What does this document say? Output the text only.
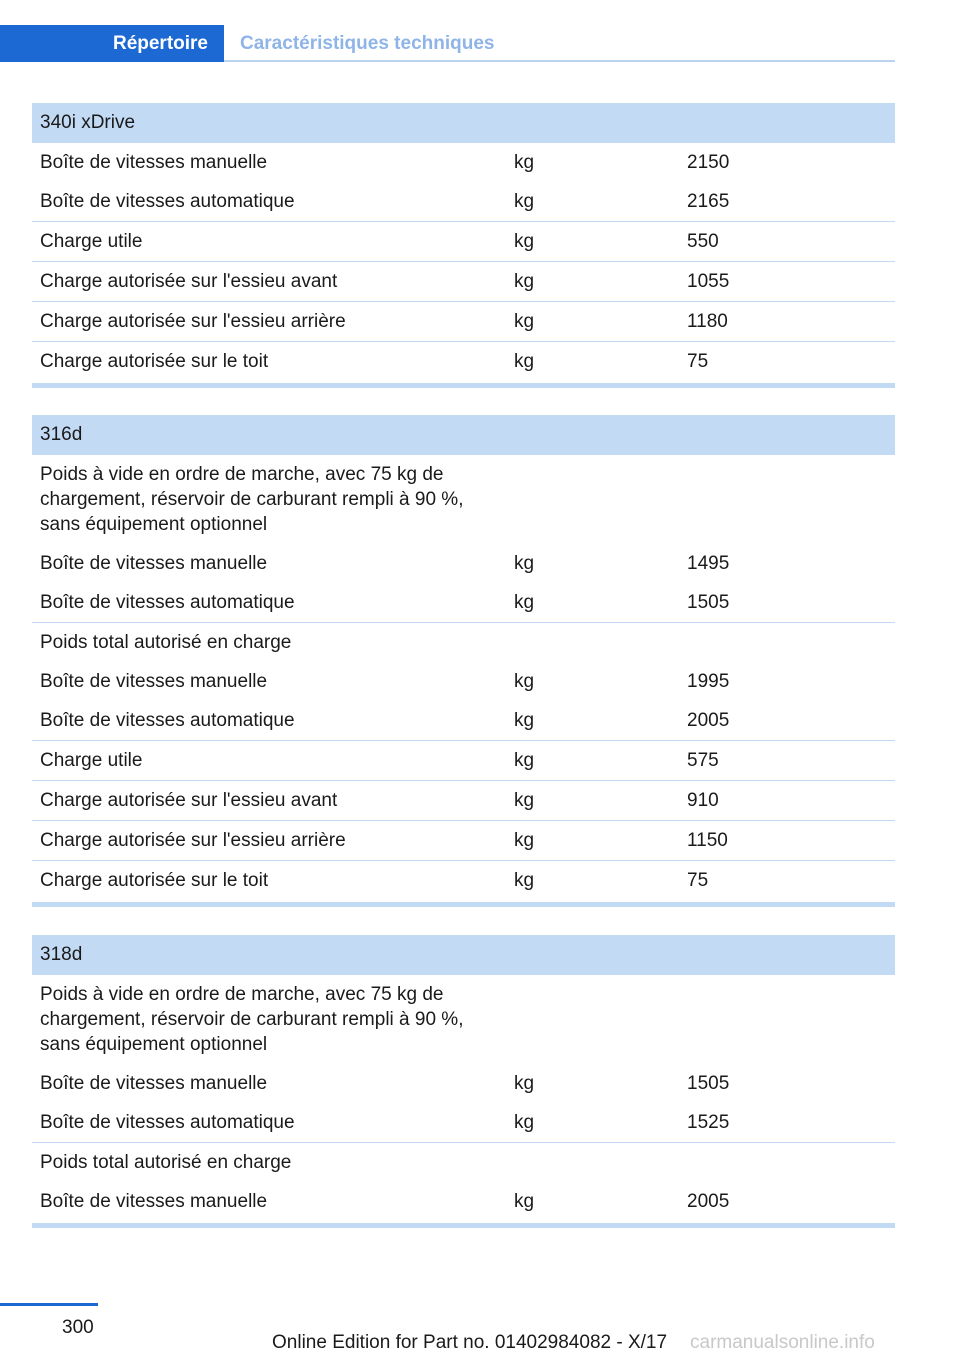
Répertoire	Caractéristiques techniques
340i xDrive
Boîte de vitesses manuelle	kg	2150
Boîte de vitesses automatique	kg	2165
Charge utile	kg	550
Charge autorisée sur l'essieu avant	kg	1055
Charge autorisée sur l'essieu arrière	kg	1180
Charge autorisée sur le toit	kg	75
316d
Poids à vide en ordre de marche, avec 75 kg de chargement, réservoir de carburant rempli à 90 %, sans équipement optionnel
Boîte de vitesses manuelle	kg	1495
Boîte de vitesses automatique	kg	1505
Poids total autorisé en charge
Boîte de vitesses manuelle	kg	1995
Boîte de vitesses automatique	kg	2005
Charge utile	kg	575
Charge autorisée sur l'essieu avant	kg	910
Charge autorisée sur l'essieu arrière	kg	1150
Charge autorisée sur le toit	kg	75
318d
Poids à vide en ordre de marche, avec 75 kg de chargement, réservoir de carburant rempli à 90 %, sans équipement optionnel
Boîte de vitesses manuelle	kg	1505
Boîte de vitesses automatique	kg	1525
Poids total autorisé en charge
Boîte de vitesses manuelle	kg	2005
300
Online Edition for Part no. 01402984082 - X/17 carmanualsonline.info
